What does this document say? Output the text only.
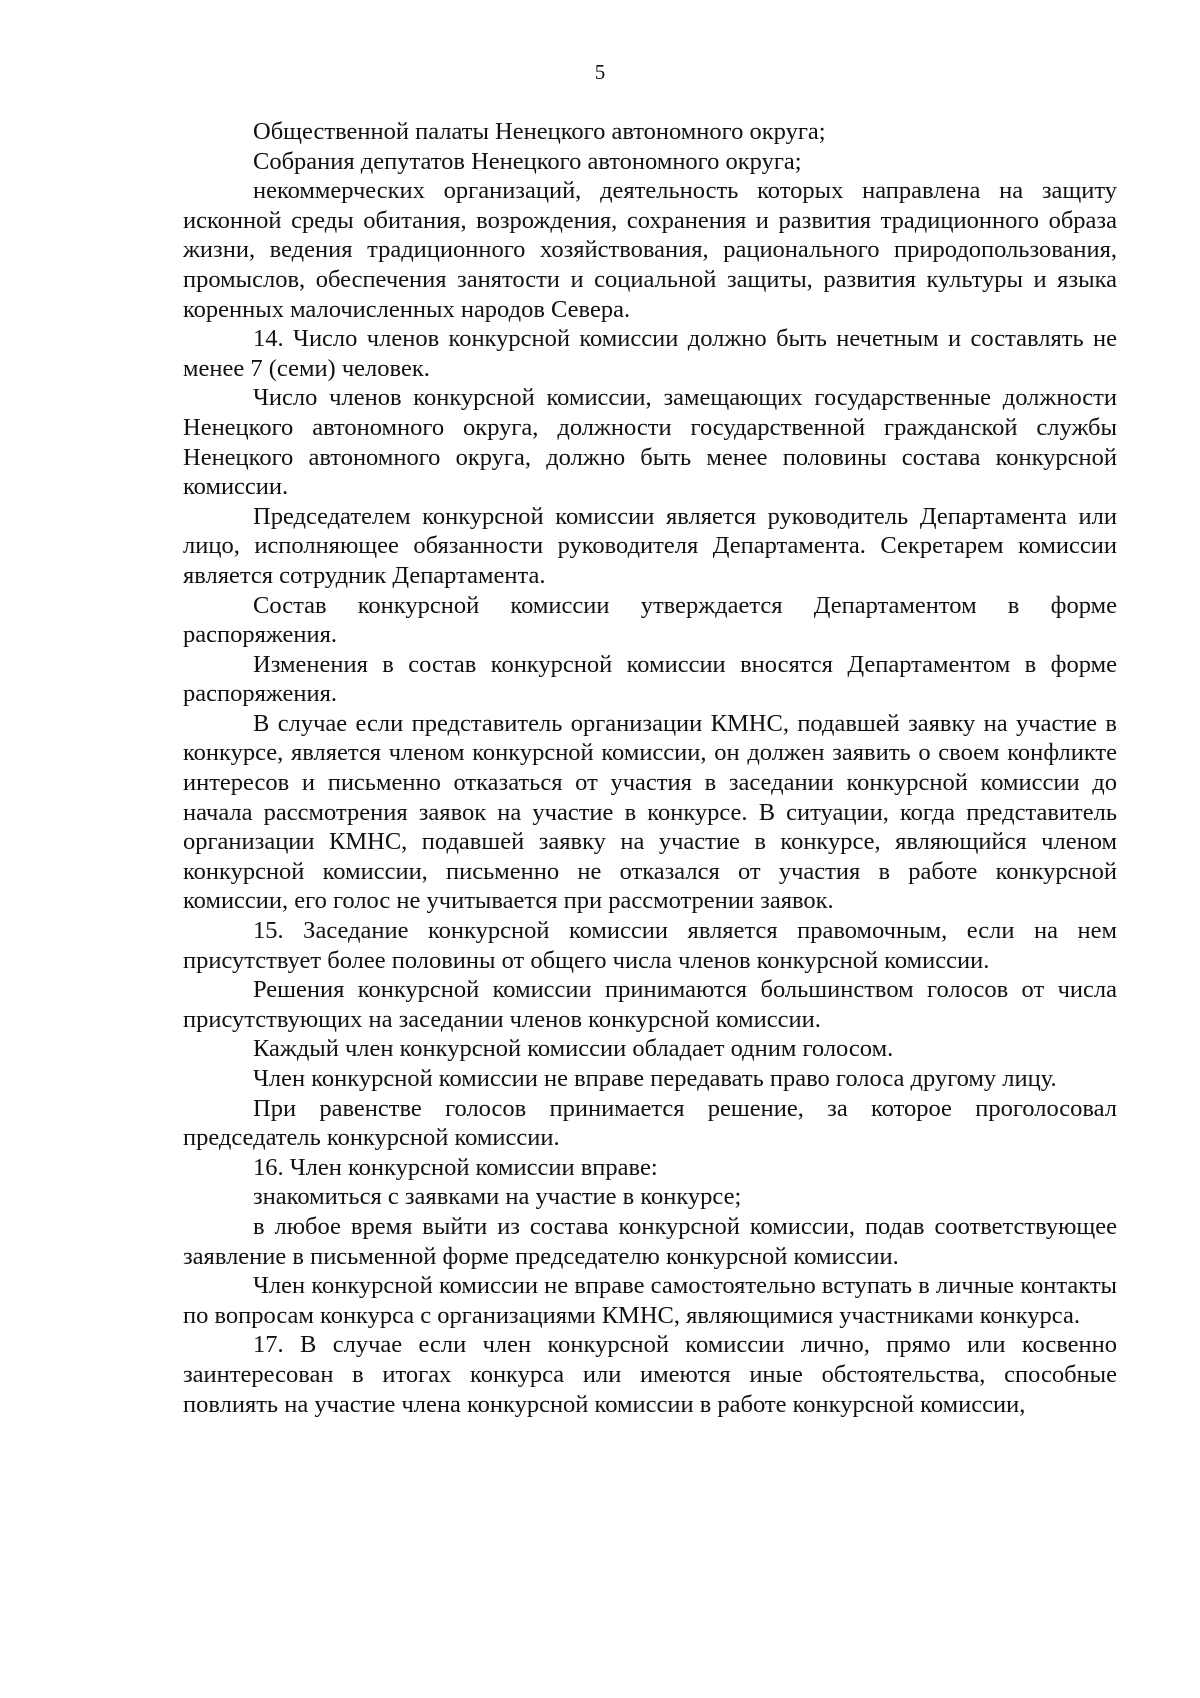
5

Общественной палаты Ненецкого автономного округа;

Собрания депутатов Ненецкого автономного округа;

некоммерческих организаций, деятельность которых направлена на защиту исконной среды обитания, возрождения, сохранения и развития традиционного образа жизни, ведения традиционного хозяйствования, рационального природопользования, промыслов, обеспечения занятости и социальной защиты, развития культуры и языка коренных малочисленных народов Севера.

14. Число членов конкурсной комиссии должно быть нечетным и составлять не менее 7 (семи) человек.

Число членов конкурсной комиссии, замещающих государственные должности Ненецкого автономного округа, должности государственной гражданской службы Ненецкого автономного округа, должно быть менее половины состава конкурсной комиссии.

Председателем конкурсной комиссии является руководитель Департамента или лицо, исполняющее обязанности руководителя Департамента. Секретарем комиссии является сотрудник Департамента.

Состав конкурсной комиссии утверждается Департаментом в форме распоряжения.

Изменения в состав конкурсной комиссии вносятся Департаментом в форме распоряжения.

В случае если представитель организации КМНС, подавшей заявку на участие в конкурсе, является членом конкурсной комиссии, он должен заявить о своем конфликте интересов и письменно отказаться от участия в заседании конкурсной комиссии до начала рассмотрения заявок на участие в конкурсе. В ситуации, когда представитель организации КМНС, подавшей заявку на участие в конкурсе, являющийся членом конкурсной комиссии, письменно не отказался от участия в работе конкурсной комиссии, его голос не учитывается при рассмотрении заявок.

15. Заседание конкурсной комиссии является правомочным, если на нем присутствует более половины от общего числа членов конкурсной комиссии.

Решения конкурсной комиссии принимаются большинством голосов от числа присутствующих на заседании членов конкурсной комиссии.

Каждый член конкурсной комиссии обладает одним голосом.

Член конкурсной комиссии не вправе передавать право голоса другому лицу.

При равенстве голосов принимается решение, за которое проголосовал председатель конкурсной комиссии.

16. Член конкурсной комиссии вправе:

знакомиться с заявками на участие в конкурсе;

в любое время выйти из состава конкурсной комиссии, подав соответствующее заявление в письменной форме председателю конкурсной комиссии.

Член конкурсной комиссии не вправе самостоятельно вступать в личные контакты по вопросам конкурса с организациями КМНС, являющимися участниками конкурса.

17. В случае если член конкурсной комиссии лично, прямо или косвенно заинтересован в итогах конкурса или имеются иные обстоятельства, способные повлиять на участие члена конкурсной комиссии в работе конкурсной комиссии,
